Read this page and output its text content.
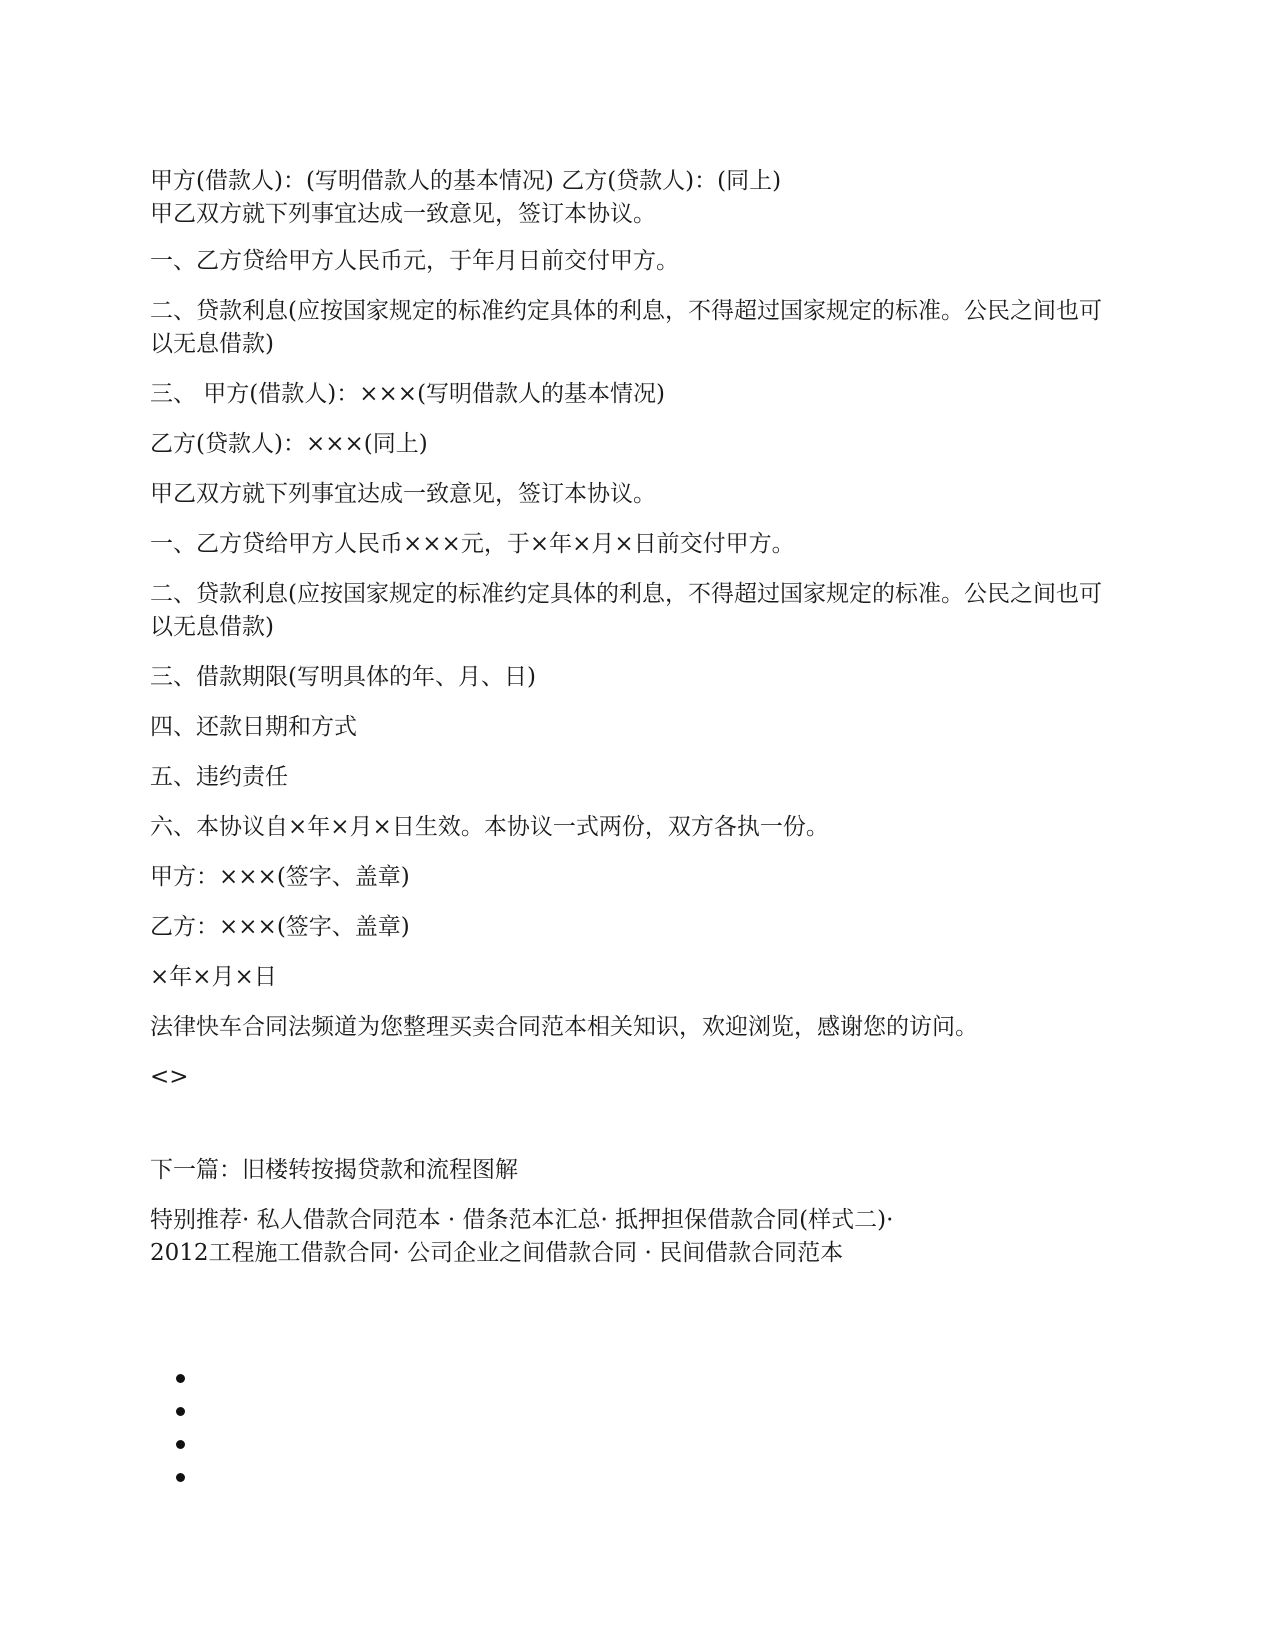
甲方(借款人)：(写明借款人的基本情况) 乙方(贷款人)：(同上)
甲乙双方就下列事宜达成一致意见，签订本协议。
一、乙方贷给甲方人民币元，于年月日前交付甲方。
二、贷款利息(应按国家规定的标准约定具体的利息，不得超过国家规定的标准。公民之间也可以无息借款)
三、 甲方(借款人)：×××(写明借款人的基本情况)
乙方(贷款人)：×××(同上)
甲乙双方就下列事宜达成一致意见，签订本协议。
一、乙方贷给甲方人民币×××元，于×年×月×日前交付甲方。
二、贷款利息(应按国家规定的标准约定具体的利息，不得超过国家规定的标准。公民之间也可以无息借款)
三、借款期限(写明具体的年、月、日)
四、还款日期和方式
五、违约责任
六、本协议自×年×月×日生效。本协议一式两份，双方各执一份。
甲方：×××(签字、盖章)
乙方：×××(签字、盖章)
×年×月×日
法律快车合同法频道为您整理买卖合同范本相关知识，欢迎浏览，感谢您的访问。
<>
下一篇：旧楼转按揭贷款和流程图解
特别推荐· 私人借款合同范本 · 借条范本汇总· 抵押担保借款合同(样式二)·
2012工程施工借款合同· 公司企业之间借款合同 · 民间借款合同范本
